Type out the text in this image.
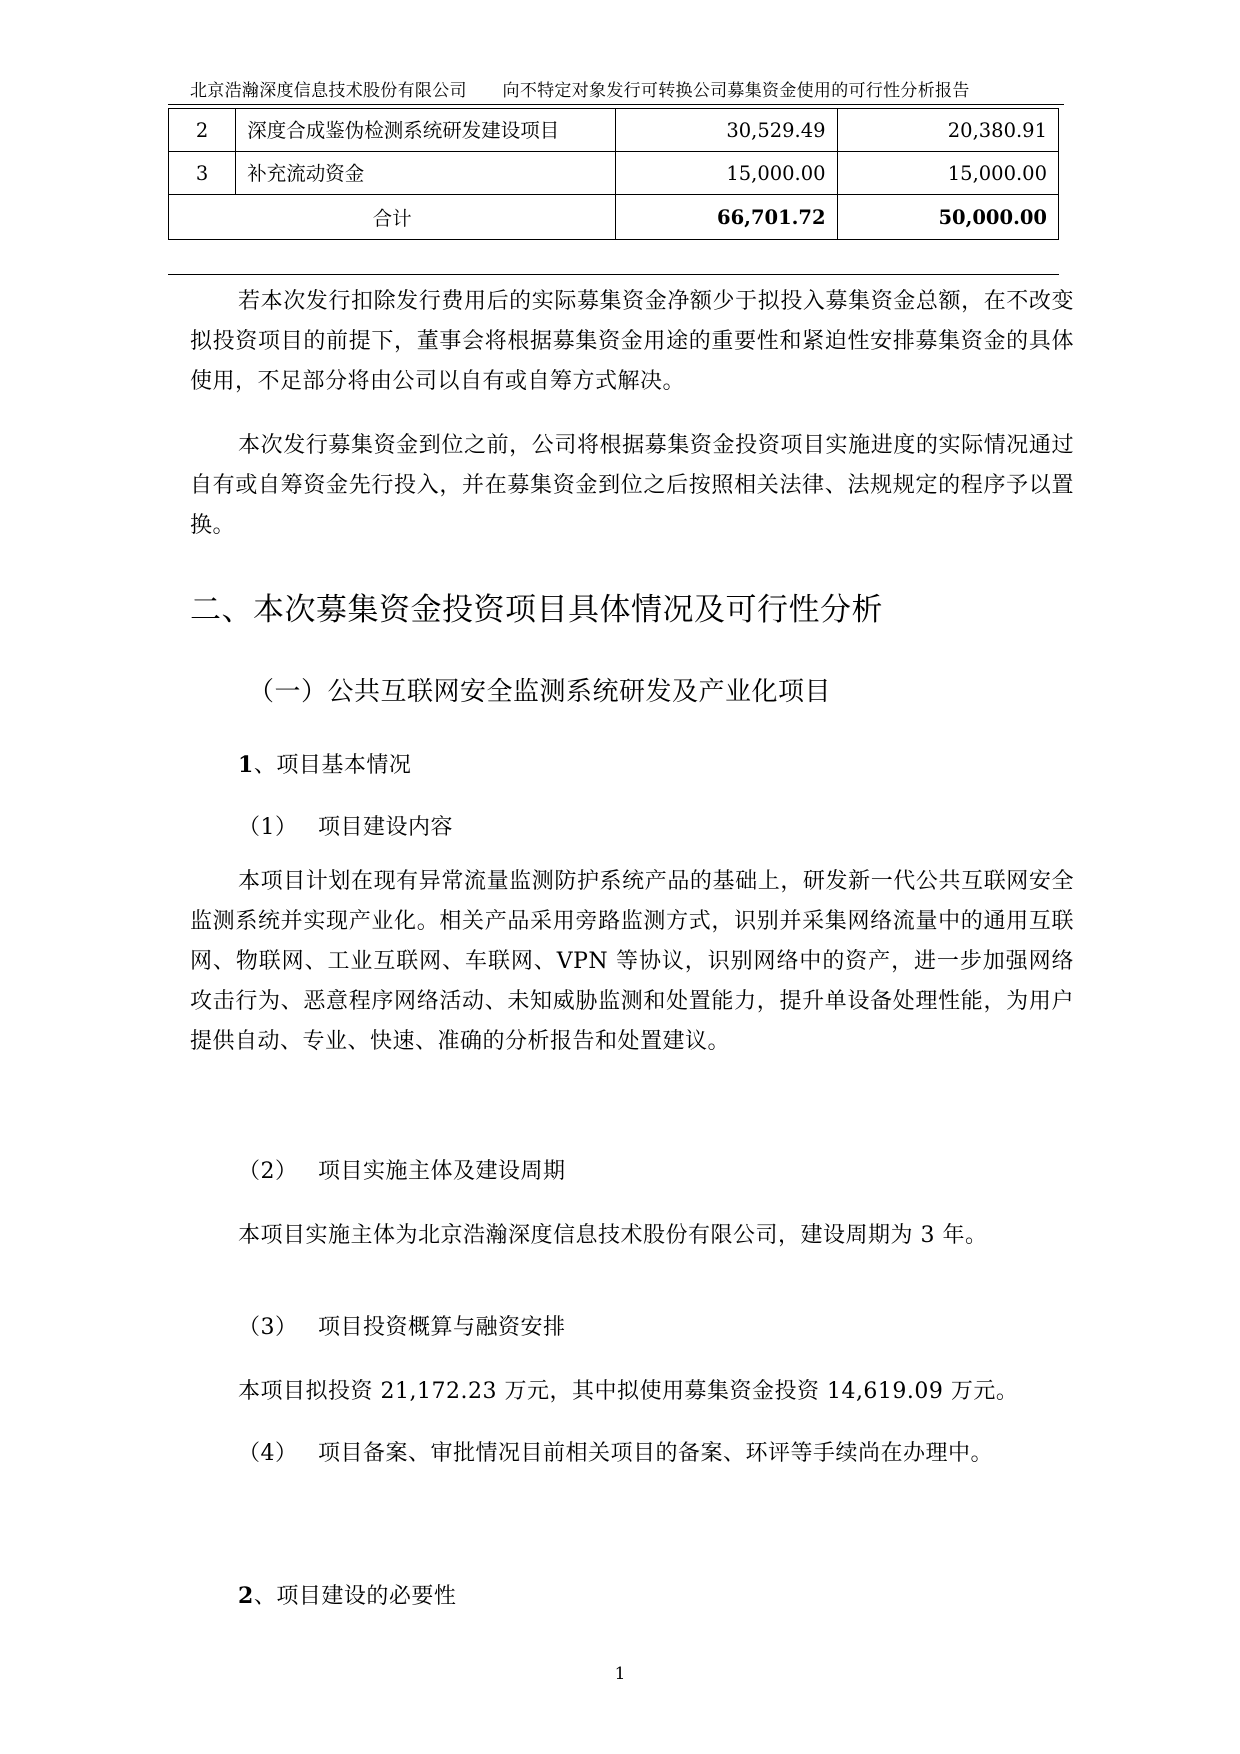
北京浩瀚深度信息技术股份有限公司 向不特定对象发行可转换公司募集资金使用的可行性分析报告
2	深度合成鉴伪检测系统研发建设项目	30,529.49	20,380.91
3	补充流动资金	15,000.00	15,000.00
合计		66,701.72	50,000.00
若本次发行扣除发行费用后的实际募集资金净额少于拟投入募集资金总额，在不改变拟投资项目的前提下，董事会将根据募集资金用途的重要性和紧迫性安排募集资金的具体使用，不足部分将由公司以自有或自筹方式解决。
本次发行募集资金到位之前，公司将根据募集资金投资项目实施进度的实际情况通过自有或自筹资金先行投入，并在募集资金到位之后按照相关法律、法规规定的程序予以置换。
二、本次募集资金投资项目具体情况及可行性分析
（一）公共互联网安全监测系统研发及产业化项目
1、项目基本情况
（1） 项目建设内容
本项目计划在现有异常流量监测防护系统产品的基础上，研发新一代公共互联网安全监测系统并实现产业化。相关产品采用旁路监测方式，识别并采集网络流量中的通用互联网、物联网、工业互联网、车联网、VPN 等协议，识别网络中的资产，进一步加强网络攻击行为、恶意程序网络活动、未知威胁监测和处置能力，提升单设备处理性能，为用户提供自动、专业、快速、准确的分析报告和处置建议。
（2） 项目实施主体及建设周期
本项目实施主体为北京浩瀚深度信息技术股份有限公司，建设周期为 3 年。
（3） 项目投资概算与融资安排
本项目拟投资 21,172.23 万元，其中拟使用募集资金投资 14,619.09 万元。
（4） 项目备案、审批情况目前相关项目的备案、环评等手续尚在办理中。
2、项目建设的必要性
1
